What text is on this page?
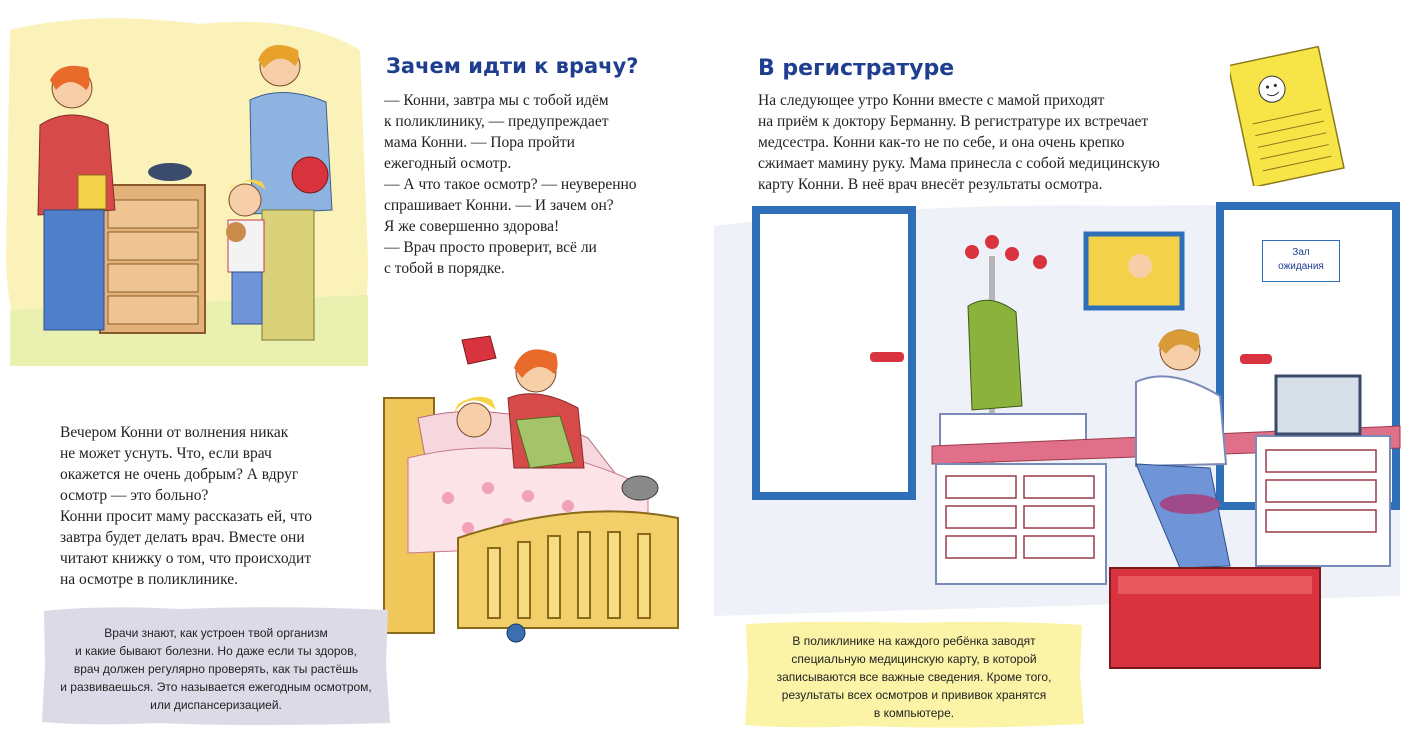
Зачем идти к врачу?
— Конни, завтра мы с тобой идём
к поликлинику, — предупреждает
мама Конни. — Пора пройти
ежегодный осмотр.
— А что такое осмотр? — неуверенно
спрашивает Конни. — И зачем он?
Я же совершенно здорова!
— Врач просто проверит, всё ли
с тобой в порядке.
Вечером Конни от волнения никак
не может уснуть. Что, если врач
окажется не очень добрым? А вдруг
осмотр — это больно?
Конни просит маму рассказать ей, что
завтра будет делать врач. Вместе они
читают книжку о том, что происходит
на осмотре в поликлинике.
Врачи знают, как устроен твой организм
и какие бывают болезни. Но даже если ты здоров,
врач должен регулярно проверять, как ты растёшь
и развиваешься. Это называется ежегодным осмотром,
или диспансеризацией.
В регистратуре
На следующее утро Конни вместе с мамой приходят
на приём к доктору Берманну. В регистратуре их встречает
медсестра. Конни как-то не по себе, и она очень крепко
сжимает мамину руку. Мама принесла с собой медицинскую
карту Конни. В неё врач внесёт результаты осмотра.
Зал
ожидания
В поликлинике на каждого ребёнка заводят
специальную медицинскую карту, в которой
записываются все важные сведения. Кроме того,
результаты всех осмотров и прививок хранятся
в компьютере.
